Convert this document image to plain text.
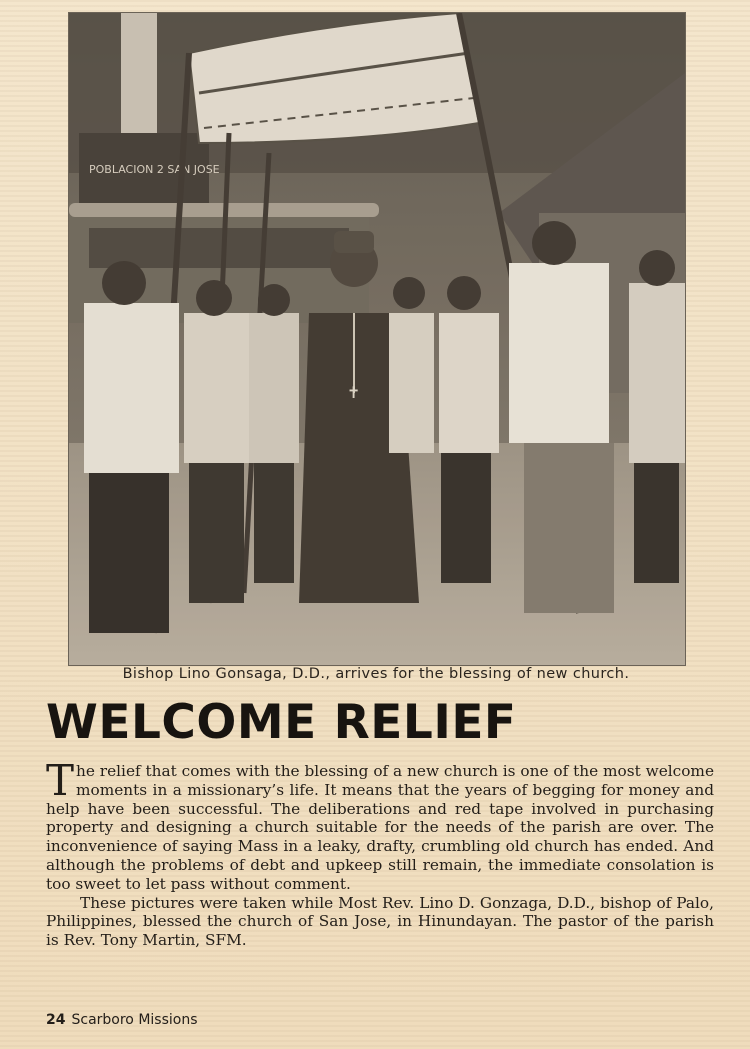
POBLACION 2 SAN JOSE
✝
Bishop Lino Gonsaga, D.D., arrives for the blessing of new church.
WELCOME RELIEF

The relief that comes with the blessing of a new church is one of the most welcome moments in a missionary’s life. It means that the years of begging for money and help have been successful. The deliberations and red tape involved in purchasing property and designing a church suitable for the needs of the parish are over. The inconvenience of saying Mass in a leaky, drafty, crumbling old church has ended. And although the problems of debt and upkeep still remain, the immediate consolation is too sweet to let pass without comment.

These pictures were taken while Most Rev. Lino D. Gonzaga, D.D., bishop of Palo, Philippines, blessed the church of San Jose, in Hinundayan. The pastor of the parish is Rev. Tony Martin, SFM.

24 Scarboro Missions
